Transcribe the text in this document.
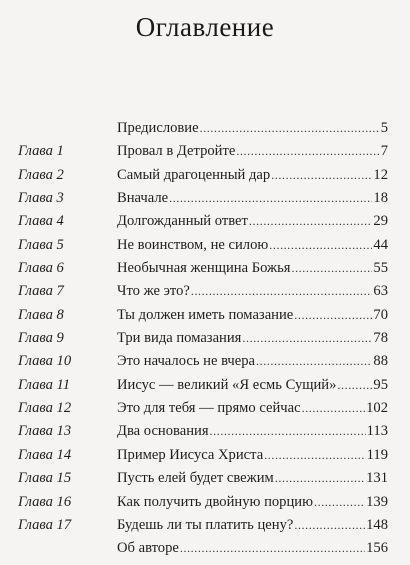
Оглавление
Предисловие . . .	5
Глава 1	Провал в Детройте . . .	7
Глава 2	Самый драгоценный дар . . .	12
Глава 3	Вначале . . .	18
Глава 4	Долгожданный ответ . . .	29
Глава 5	Не воинством, не силою . . .	44
Глава 6	Необычная женщина Божья . . .	55
Глава 7	Что же это? . . .	63
Глава 8	Ты должен иметь помазание . . .	70
Глава 9	Три вида помазания . . .	78
Глава 10	Это началось не вчера . . .	88
Глава 11	Иисус — великий «Я есмь Сущий» . . .	95
Глава 12	Это для тебя — прямо сейчас . . .	102
Глава 13	Два основания . . .	113
Глава 14	Пример Иисуса Христа . . .	119
Глава 15	Пусть елей будет свежим . . .	131
Глава 16	Как получить двойную порцию . . .	139
Глава 17	Будешь ли ты платить цену? . . .	148
Об авторе . . .	156
